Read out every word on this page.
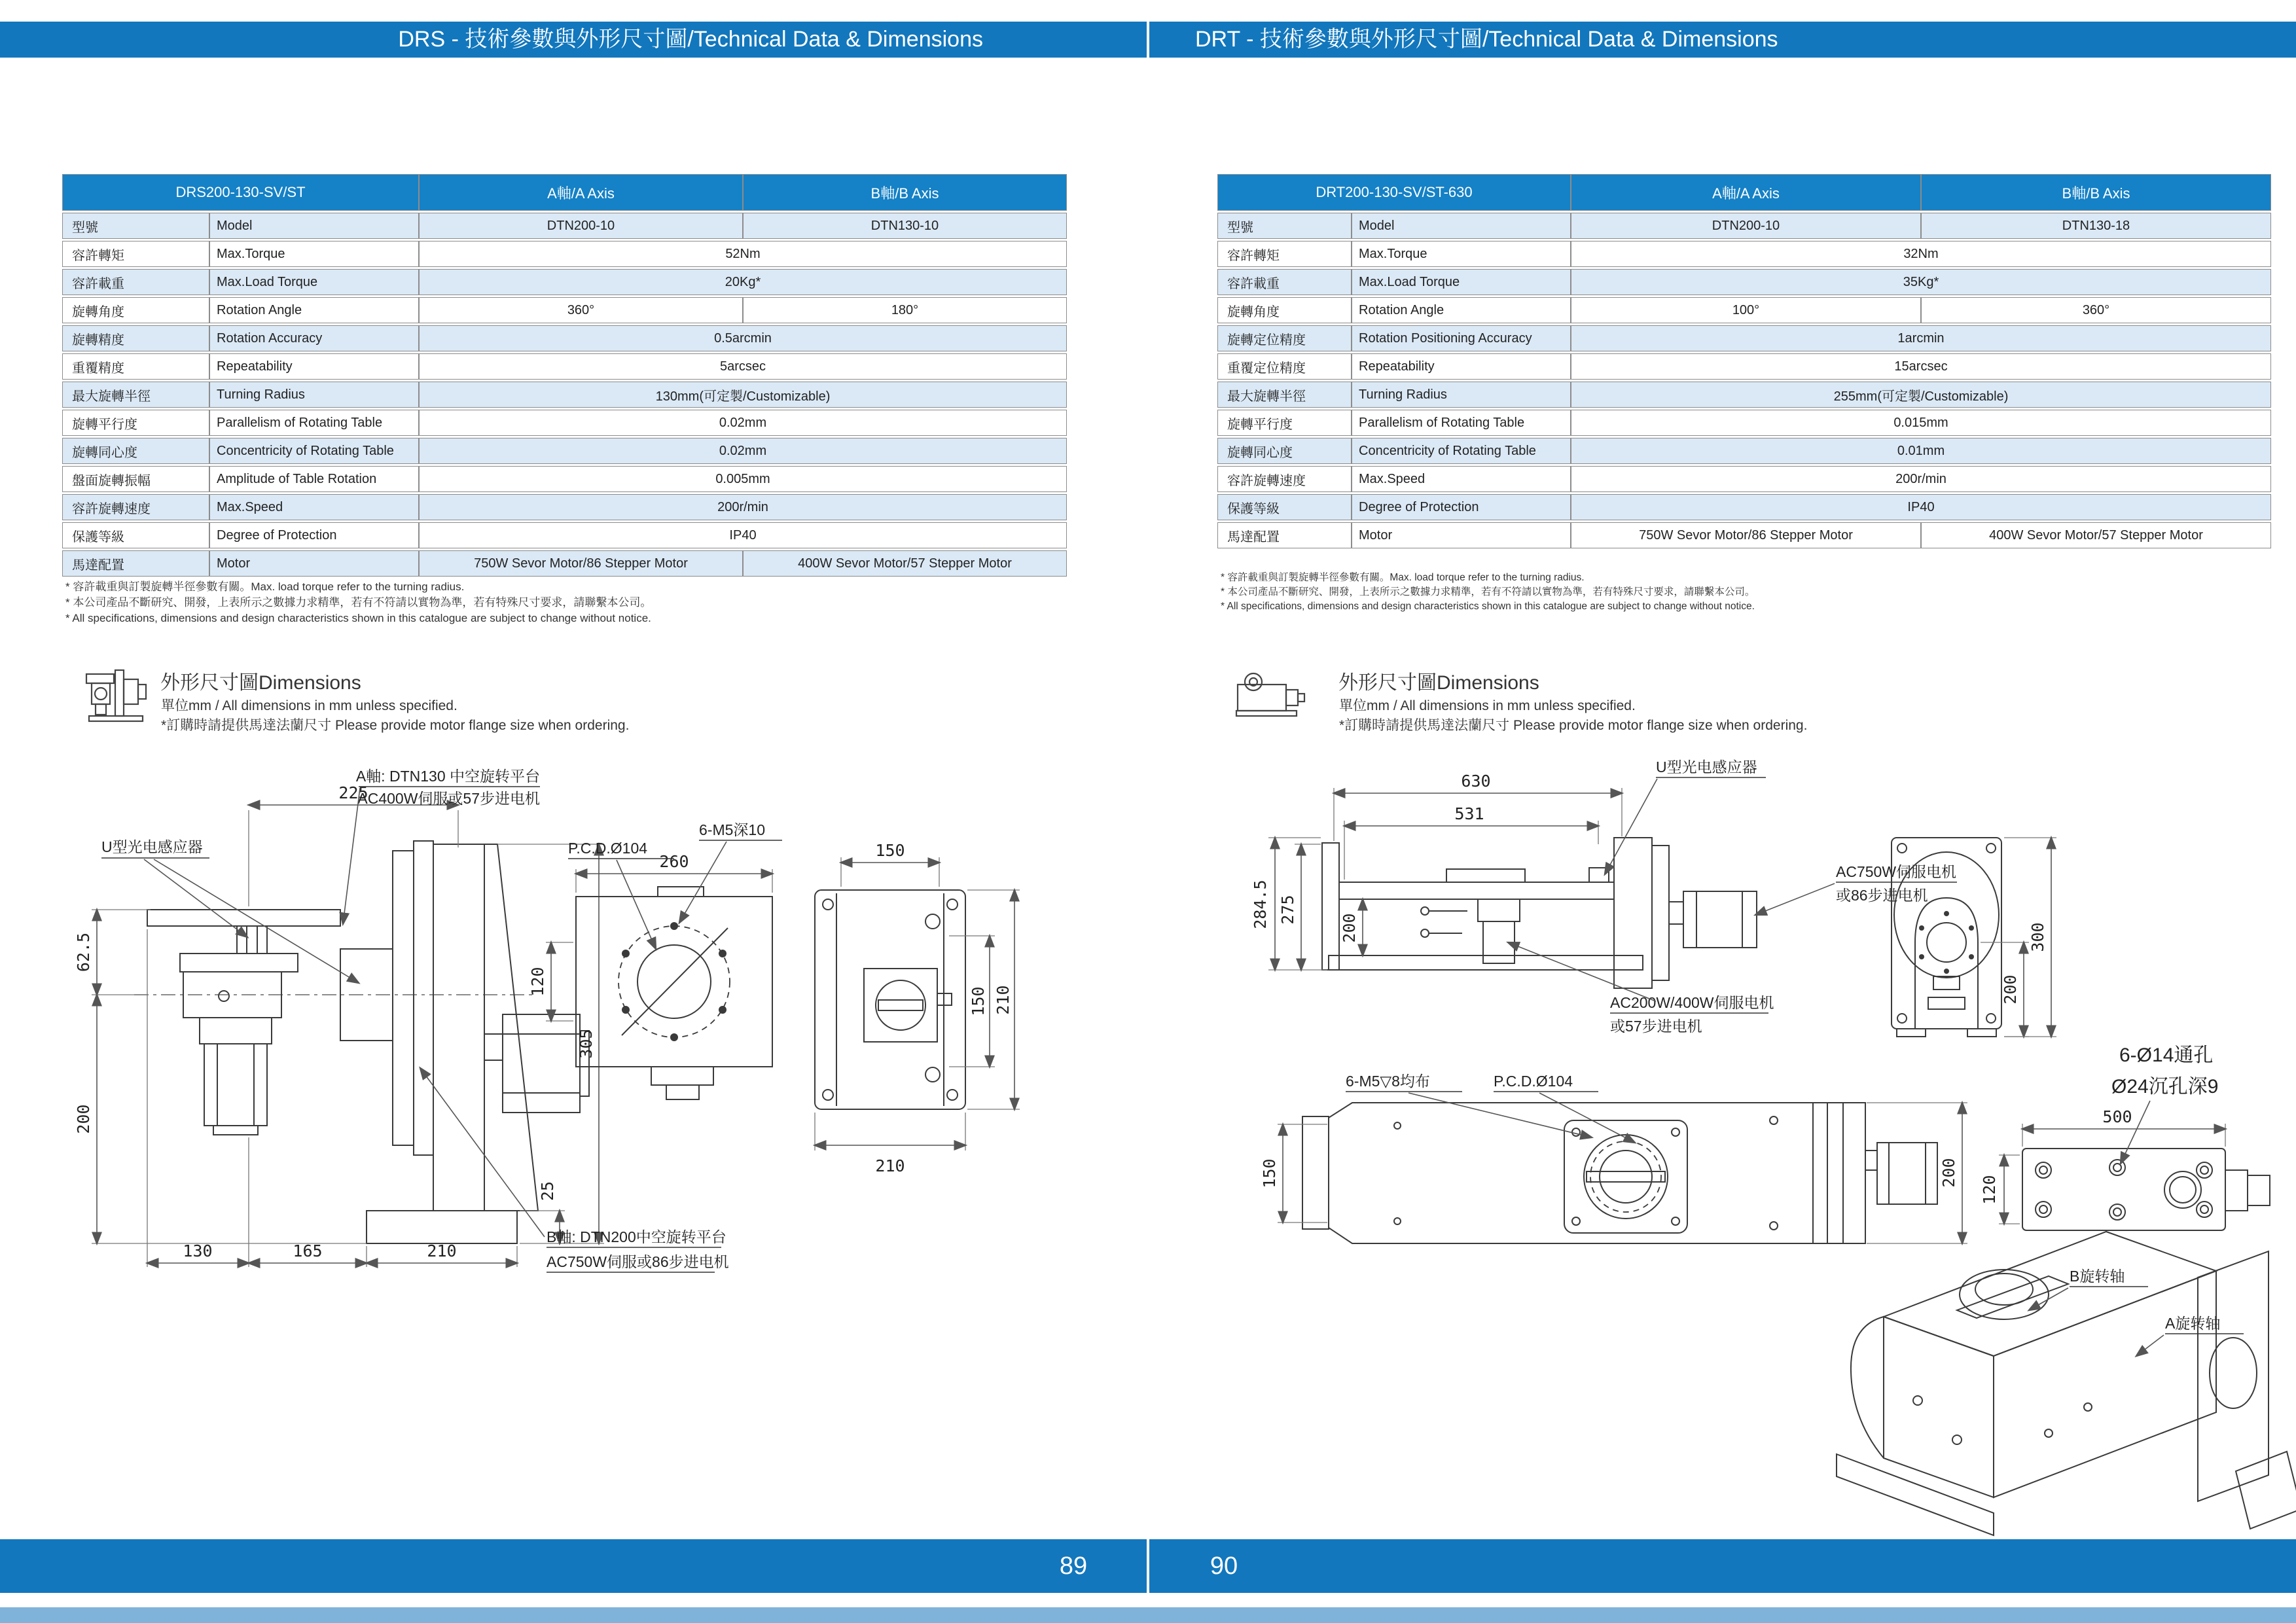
DRS - 技術參數與外形尺寸圖/Technical Data & Dimensions	DRT - 技術參數與外形尺寸圖/Technical Data & Dimensions
DRS200-130-SV/ST		A軸/A Axis	B軸/B Axis
型號	Model	DTN200-10	DTN130-10
容許轉矩	Max.Torque	52Nm	
容許載重	Max.Load Torque	20Kg*	
旋轉角度	Rotation Angle	360°	180°
旋轉精度	Rotation Accuracy	0.5arcmin	
重覆精度	Repeatability	5arcsec	
最大旋轉半徑	Turning Radius	130mm(可定製/Customizable)	
旋轉平行度	Parallelism of Rotating Table	0.02mm	
旋轉同心度	Concentricity of Rotating Table	0.02mm	
盤面旋轉振幅	Amplitude of Table Rotation	0.005mm	
容許旋轉速度	Max.Speed	200r/min	
保護等級	Degree of Protection	IP40	
馬達配置	Motor	750W Sevor Motor/86 Stepper Motor	400W Sevor Motor/57 Stepper Motor
* 容許載重與訂製旋轉半徑參數有關。Max. load torque refer to the turning radius.
* 本公司產品不斷研究、開發，上表所示之數據力求精準，若有不符請以實物為準，若有特殊尺寸要求，請聯繫本公司。
* All specifications, dimensions and design characteristics shown in this catalogue are subject to change without notice.
外形尺寸圖Dimensions
單位mm / All dimensions in mm unless specified.
*訂購時請提供馬達法蘭尺寸 Please provide motor flange size when ordering.
225
62.5
200
130	165	210
305
25
U型光电感应器
A軸: DTN130 中空旋转平台
AC400W伺服或57步进电机
B軸: DTN200中空旋转平台
AC750W伺服或86步进电机
260
120
P.C.D.Ø104
6-M5深10
150
150 210
210
DRT200-130-SV/ST-630		A軸/A Axis	B軸/B Axis
型號	Model	DTN200-10	DTN130-18
容許轉矩	Max.Torque	32Nm	
容許載重	Max.Load Torque	35Kg*	
旋轉角度	Rotation Angle	100°	360°
旋轉定位精度	Rotation Positioning Accuracy	1arcmin	
重覆定位精度	Repeatability	15arcsec	
最大旋轉半徑	Turning Radius	255mm(可定製/Customizable)	
旋轉平行度	Parallelism of Rotating Table	0.015mm	
旋轉同心度	Concentricity of Rotating Table	0.01mm	
容許旋轉速度	Max.Speed	200r/min	
保護等級	Degree of Protection	IP40	
馬達配置	Motor	750W Sevor Motor/86 Stepper Motor	400W Sevor Motor/57 Stepper Motor
* 容許載重與訂製旋轉半徑參數有關。Max. load torque refer to the turning radius.
* 本公司產品不斷研究、開發，上表所示之數據力求精準，若有不符請以實物為準，若有特殊尺寸要求，請聯繫本公司。
* All specifications, dimensions and design characteristics shown in this catalogue are subject to change without notice.
外形尺寸圖Dimensions
單位mm / All dimensions in mm unless specified.
*訂購時請提供馬達法蘭尺寸 Please provide motor flange size when ordering.
630
531
284.5 275
200
U型光电感应器
AC750W伺服电机
或86步进电机
AC200W/400W伺服电机
或57步进电机
200
300
150	200
6-M5▽8均布	P.C.D.Ø104
500
120
6-Ø14通孔
Ø24沉孔深9
B旋转轴
A旋转轴
89	90
